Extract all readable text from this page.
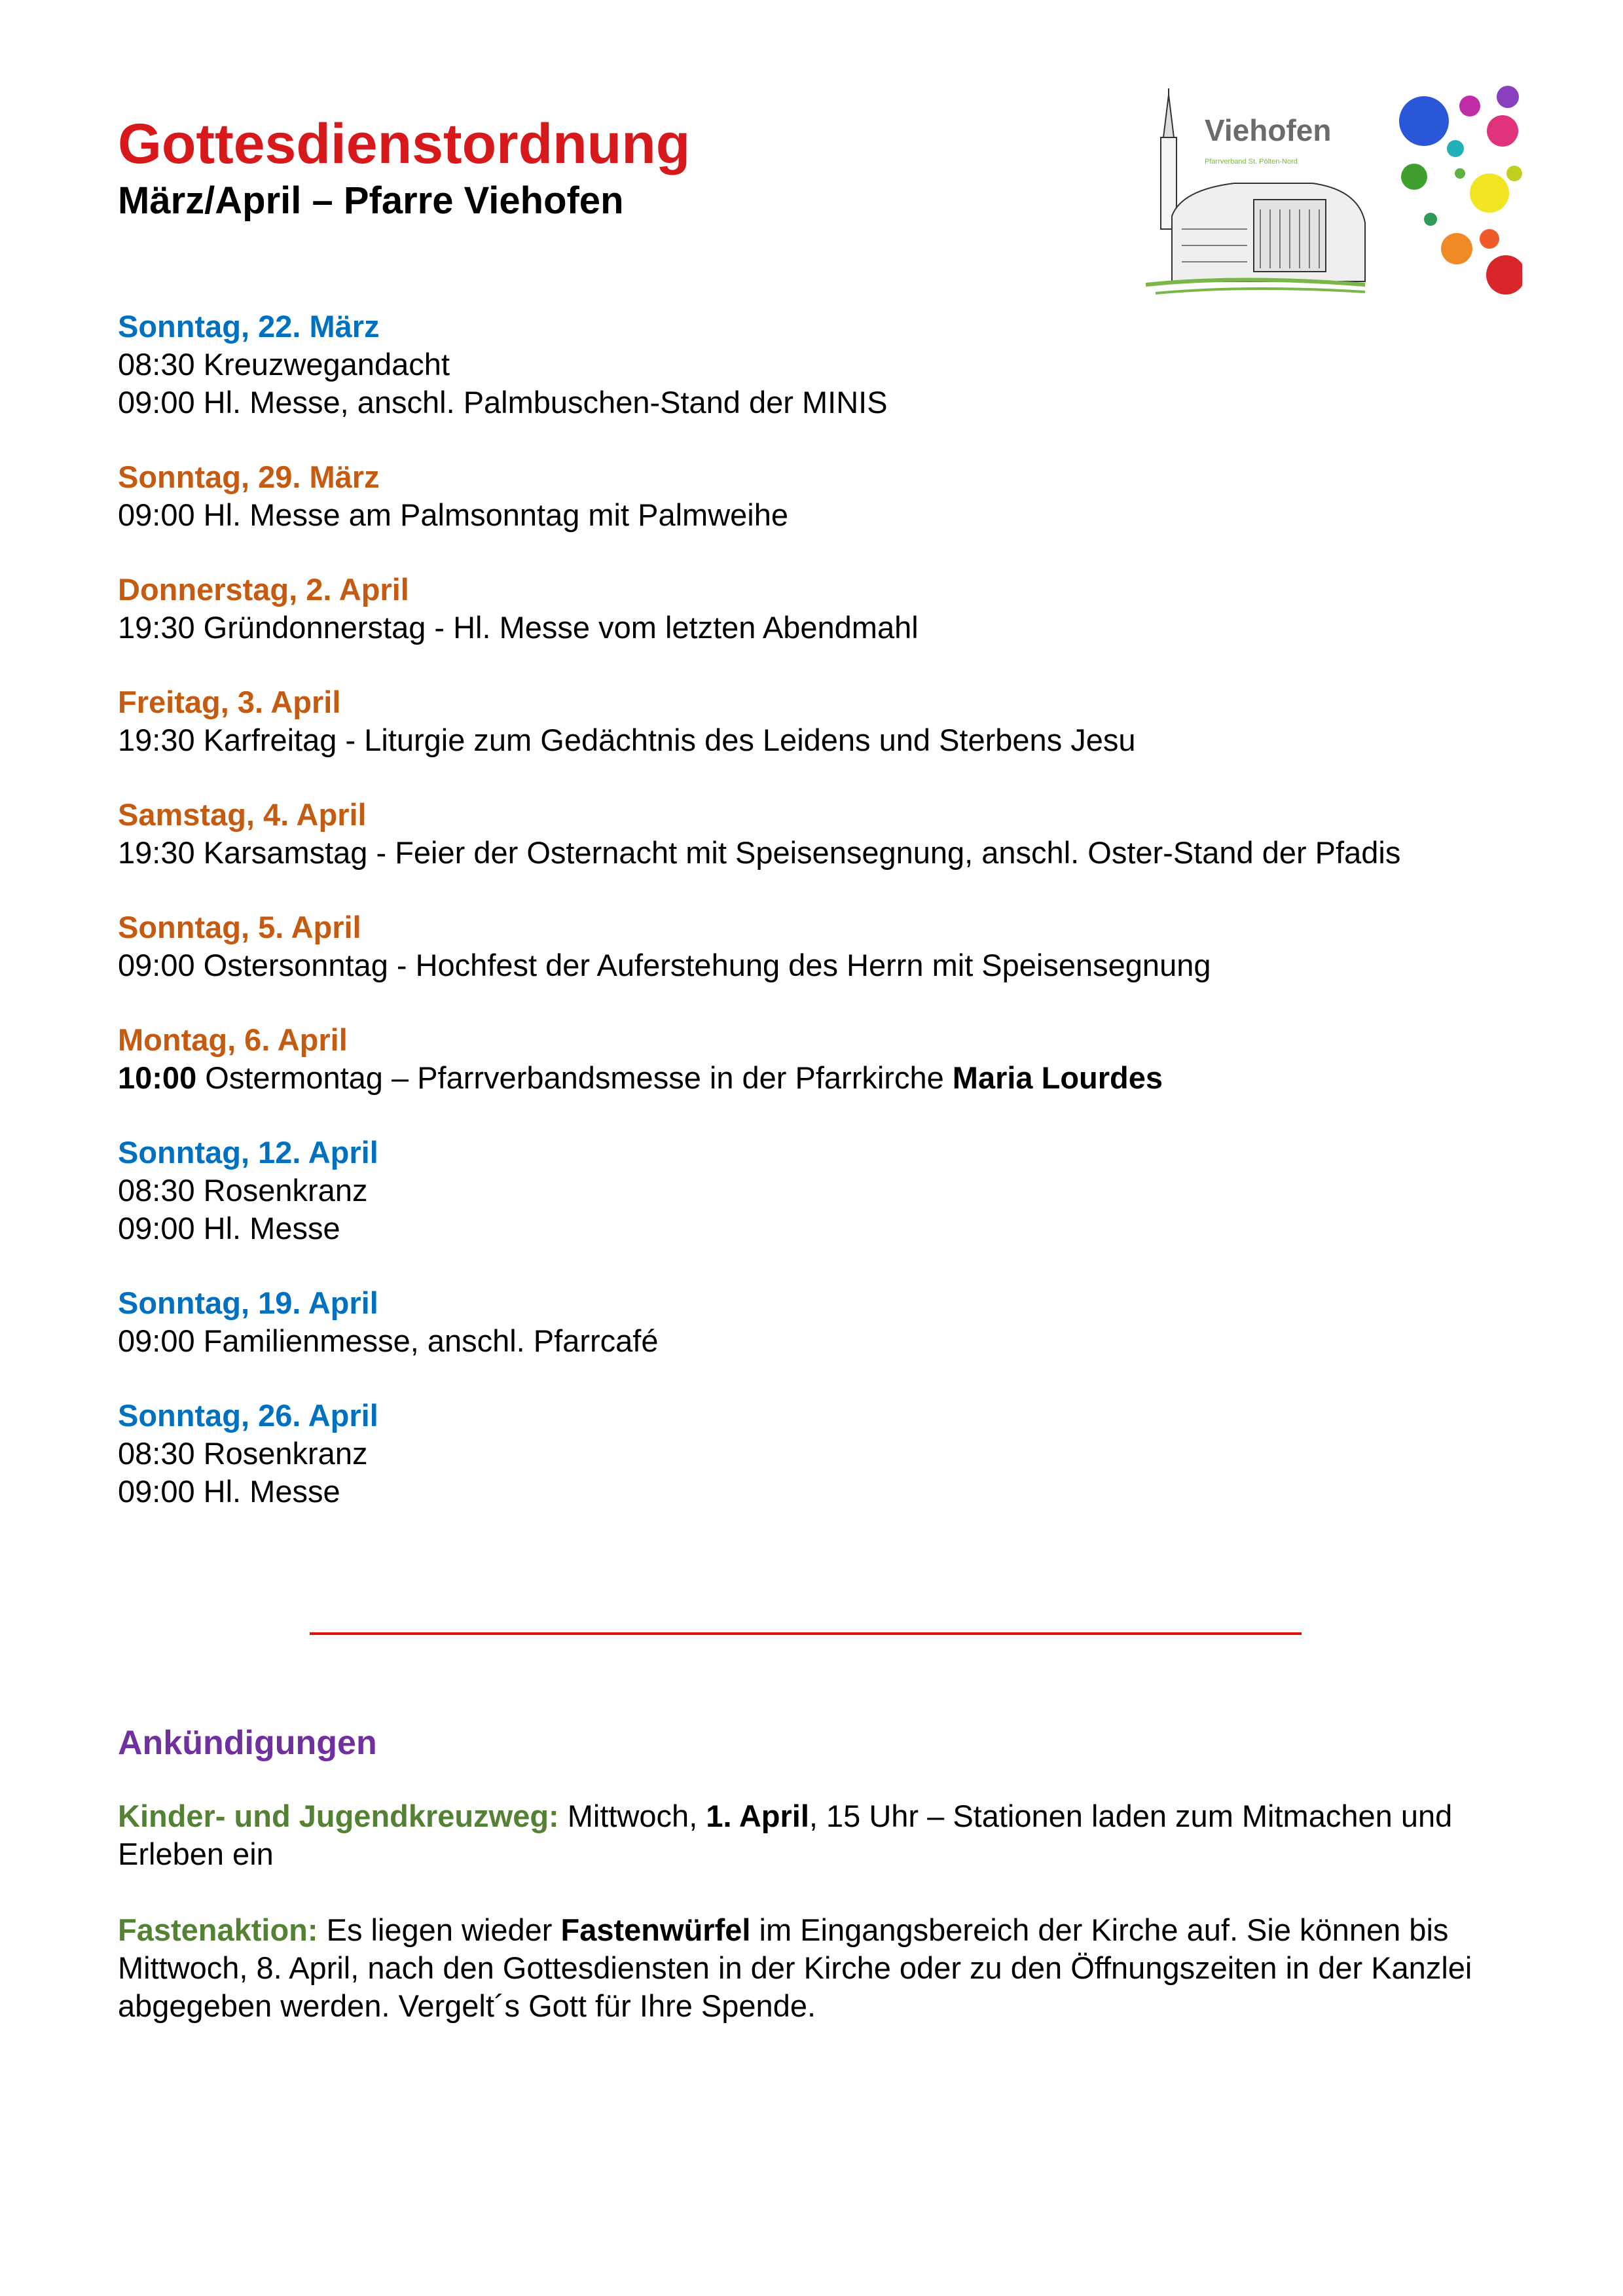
Gottesdienstordnung
März/April – Pfarre Viehofen
Viehofen
Pfarrverband St. Pölten-Nord
Sonntag, 22. März
08:30 Kreuzwegandacht
09:00 Hl. Messe, anschl. Palmbuschen-Stand der MINIS
Sonntag, 29. März
09:00 Hl. Messe am Palmsonntag mit Palmweihe
Donnerstag, 2. April
19:30 Gründonnerstag - Hl. Messe vom letzten Abendmahl
Freitag, 3. April
19:30 Karfreitag - Liturgie zum Gedächtnis des Leidens und Sterbens Jesu
Samstag, 4. April
19:30 Karsamstag - Feier der Osternacht mit Speisensegnung, anschl. Oster-Stand der Pfadis
Sonntag, 5. April
09:00 Ostersonntag - Hochfest der Auferstehung des Herrn mit Speisensegnung
Montag, 6. April
10:00 Ostermontag – Pfarrverbandsmesse in der Pfarrkirche Maria Lourdes
Sonntag, 12. April
08:30 Rosenkranz
09:00 Hl. Messe
Sonntag, 19. April
09:00 Familienmesse, anschl. Pfarrcafé
Sonntag, 26. April
08:30 Rosenkranz
09:00 Hl. Messe
Ankündigungen

Kinder- und Jugendkreuzweg: Mittwoch, 1. April, 15 Uhr – Stationen laden zum Mitmachen und Erleben ein

Fastenaktion: Es liegen wieder Fastenwürfel im Eingangsbereich der Kirche auf. Sie können bis Mittwoch, 8. April, nach den Gottesdiensten in der Kirche oder zu den Öffnungszeiten in der Kanzlei abgegeben werden. Vergelt´s Gott für Ihre Spende.
